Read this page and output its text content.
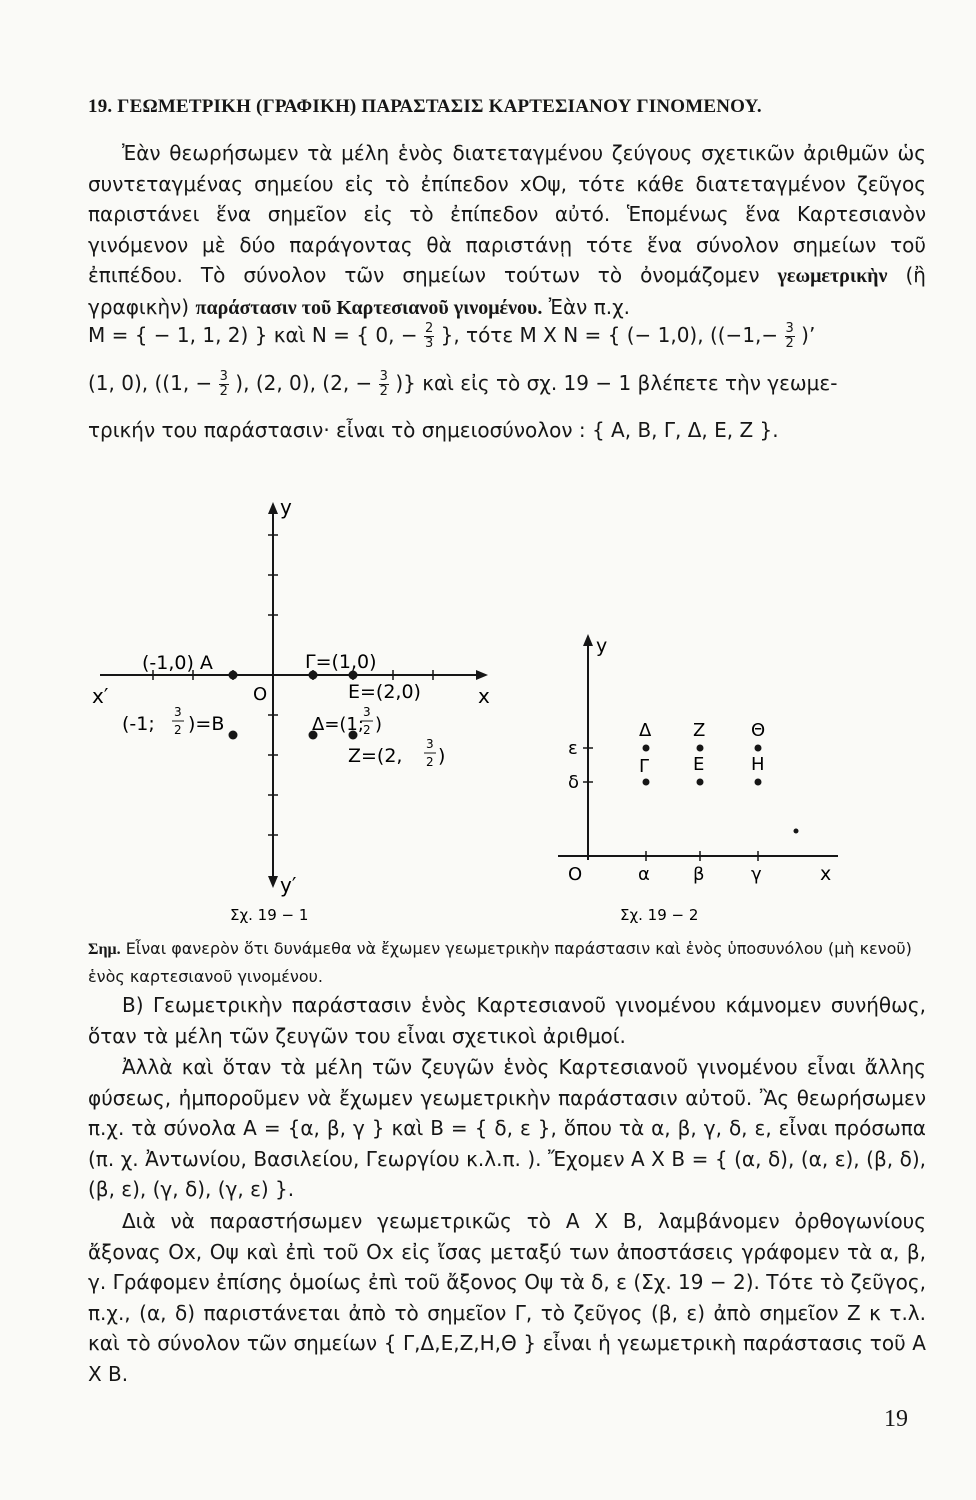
19. ΓΕΩΜΕΤΡΙΚΗ (ΓΡΑΦΙΚΗ) ΠΑΡΑΣΤΑΣΙΣ ΚΑΡΤΕΣΙΑΝΟΥ ΓΙΝΟΜΕΝΟΥ.
Ἐὰν θεωρήσωμεν τὰ μέλη ἑνὸς διατεταγμένου ζεύγους σχετικῶν ἀριθμῶν ὡς συντεταγμένας σημείου εἰς τὸ ἐπίπεδον xOψ, τότε κάθε διατεταγμένον ζεῦγος παριστάνει ἕνα σημεῖον εἰς τὸ ἐπίπεδον αὐτό. Ἑπομένως ἕνα Καρτεσιανὸν γινόμενον μὲ δύο παράγοντας θὰ παριστάνῃ τότε ἕνα σύνολον σημείων τοῦ ἐπιπέδου. Τὸ σύνολον τῶν σημείων τούτων τὸ ὀνομάζομεν γεωμετρικὴν (ἢ γραφικὴν) παράστασιν τοῦ Καρτεσιανοῦ γινομένου. Ἐὰν π.χ.
M = { − 1, 1, 2) } καὶ N = { 0, − $\frac{2}{3}$ }, τότε M X N = { (− 1,0), (($-1,- \frac{3}{2}$ )’
(1, 0), ((1, − $\frac{3}{2}$ ), (2, 0), (2, − $\frac{3}{2}$ )} καὶ εἰς τὸ σχ. 19 − 1 βλέπετε τὴν γεωμε-
τρικήν του παράστασιν· εἶναι τὸ σημειοσύνολον : { A, B, Γ, Δ, E, Z }.
y
x
x′
y′
O
(-1,0) A	Γ=(1,0)
E=(2,0)
(-1;
3
2 )=B	Δ=(1;
3
2 )
Z=(2,
3
2 )
Σχ. 19 − 1
y
x
O
ε
δ
α β	γ
Δ Z	Θ
Γ E	H
Σχ. 19 − 2
Σημ. Εἶναι φανερὸν ὅτι δυνάμεθα νὰ ἔχωμεν γεωμετρικὴν παράστασιν καὶ ἑνὸς ὑποσυνόλου (μὴ κενοῦ) ἑνὸς καρτεσιανοῦ γινομένου.
B) Γεωμετρικὴν παράστασιν ἑνὸς Καρτεσιανοῦ γινομένου κάμνομεν συνήθως, ὅταν τὰ μέλη τῶν ζευγῶν του εἶναι σχετικοὶ ἀριθμοί.
Ἀλλὰ καὶ ὅταν τὰ μέλη τῶν ζευγῶν ἑνὸς Καρτεσιανοῦ γινομένου εἶναι ἄλλης φύσεως, ἠμποροῦμεν νὰ ἔχωμεν γεωμετρικὴν παράστασιν αὐτοῦ. Ἂς θεωρήσωμεν π.χ. τὰ σύνολα A = {α, β, γ } καὶ B = { δ, ε }, ὅπου τὰ α, β, γ, δ, ε, εἶναι πρόσωπα (π. χ. Ἀντωνίου, Βασιλείου, Γεωργίου κ.λ.π. ). Ἔχομεν A X B = { (α, δ), (α, ε), (β, δ), (β, ε), (γ, δ), (γ, ε) }.
Διὰ νὰ παραστήσωμεν γεωμετρικῶς τὸ A X B, λαμβάνομεν ὀρθογωνίους ἄξονας Ox, Oψ καὶ ἐπὶ τοῦ Ox εἰς ἴσας μεταξύ των ἀποστάσεις γράφομεν τὰ α, β, γ. Γράφομεν ἐπίσης ὁμοίως ἐπὶ τοῦ ἄξονος Oψ τὰ δ, ε (Σχ. 19 − 2). Τότε τὸ ζεῦγος, π.χ., (α, δ) παριστάνεται ἀπὸ τὸ σημεῖον Γ, τὸ ζεῦγος (β, ε) ἀπὸ σημεῖον Z κ τ.λ. καὶ τὸ σύνολον τῶν σημείων { Γ,Δ,E,Z,H,Θ } εἶναι ἡ γεωμετρικὴ παράστασις τοῦ A X B.
19
